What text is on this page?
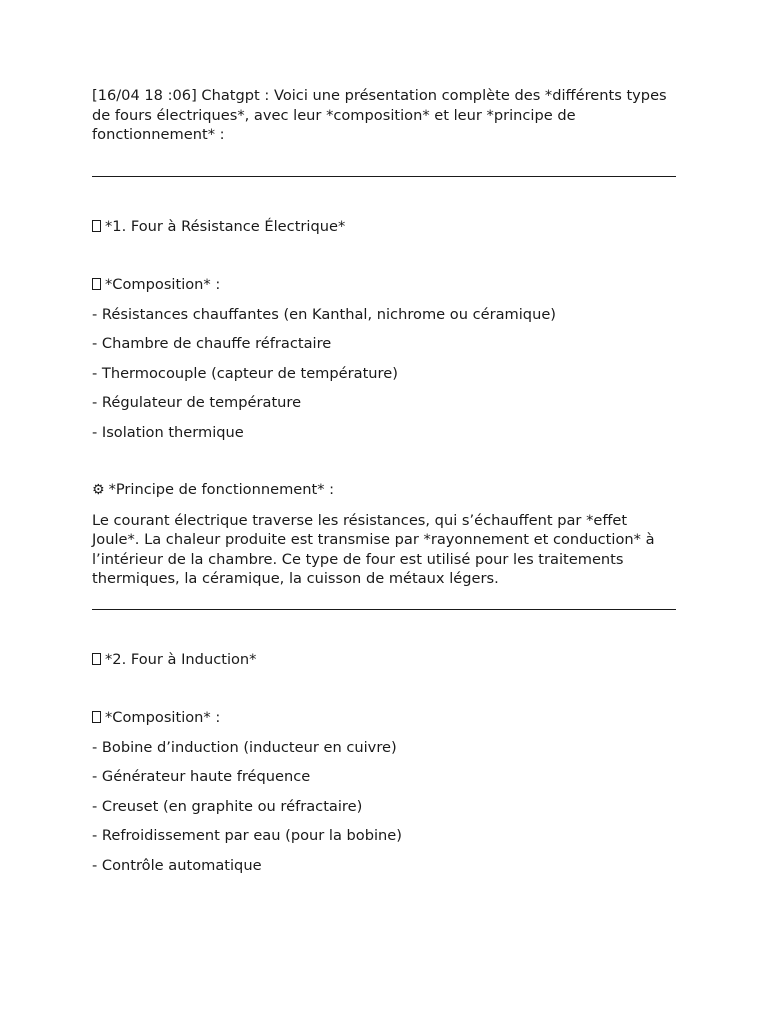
[16/04 18 :06] Chatgpt : Voici une présentation complète des *différents types de fours électriques*, avec leur *composition* et leur *principe de fonctionnement* :

*1. Four à Résistance Électrique*

*Composition* :

- Résistances chauffantes (en Kanthal, nichrome ou céramique)
- Chambre de chauffe réfractaire
- Thermocouple (capteur de température)
- Régulateur de température
- Isolation thermique

⚙ *Principe de fonctionnement* :

Le courant électrique traverse les résistances, qui s’échauffent par *effet Joule*. La chaleur produite est transmise par *rayonnement et conduction* à l’intérieur de la chambre. Ce type de four est utilisé pour les traitements thermiques, la céramique, la cuisson de métaux légers.

*2. Four à Induction*

*Composition* :

- Bobine d’induction (inducteur en cuivre)
- Générateur haute fréquence
- Creuset (en graphite ou réfractaire)
- Refroidissement par eau (pour la bobine)
- Contrôle automatique
